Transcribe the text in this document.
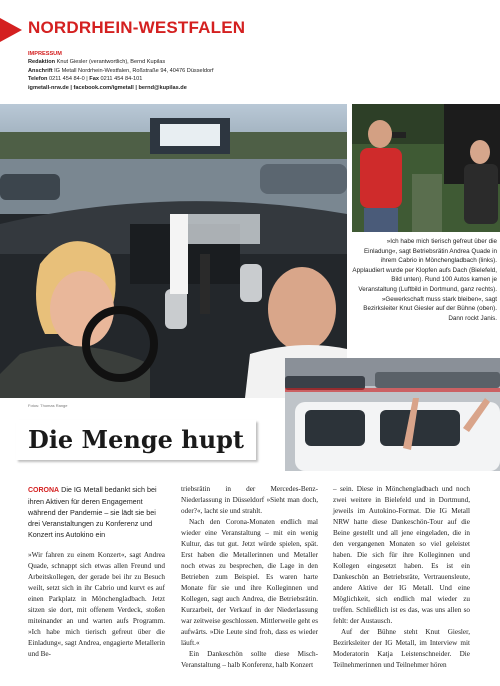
NORDRHEIN-WESTFALEN
IMPRESSUM
Redaktion Knut Giesler (verantwortlich), Bernd Kupilas
Anschrift IG Metall Nordrhein-Westfalen, Roßstraße 94, 40476 Düsseldorf
Telefon 0211 454 84-0 | Fax 0211 454 84-101
igmetall-nrw.de | facebook.com/igmetall | bernd@kupilas.de
Fotos: Thomas Range
»Ich habe mich tierisch gefreut über die Einladung«, sagt Betriebsrätin Andrea Quade in ihrem Cabrio in Mönchengladbach (links). Applaudiert wurde per Klopfen aufs Dach (Bielefeld, Bild unten). Rund 100 Autos kamen je Veranstaltung (Luftbild in Dortmund, ganz rechts). »Gewerkschaft muss stark bleiben«, sagt Bezirksleiter Knut Giesler auf der Bühne (oben). Dann rockt Janis.
Die Menge hupt
CORONA Die IG Metall bedankt sich bei ihren Aktiven für deren Engagement während der Pandemie – sie lädt sie bei drei Veranstaltungen zu Konferenz und Konzert ins Autokino ein
»Wir fahren zu einem Konzert«, sagt Andrea Quade, schnappt sich etwas allen Freund und Arbeitskollegen, der gerade bei ihr zu Besuch weilt, setzt sich in ihr Cabrio und kurvt es auf einen Parkplatz in Mönchengladbach. Jetzt sitzen sie dort, mit offenem Verdeck, stoßen miteinander an und warten aufs Programm. »Ich habe mich tierisch gefreut über die Einladung«, sagt Andrea, engagierte Metallerin und Be-
triebsrätin in der Mercedes-Benz-Niederlassung in Düsseldorf »Sieht man doch, oder?«, lacht sie und strahlt.
Nach den Corona-Monaten endlich mal wieder eine Veranstaltung – mit ein wenig Kultur, das tut gut. Jetzt würde spielen, spät. Erst haben die Metallerinnen und Metaller noch etwas zu besprechen, die Lage in den Betrieben zum Beispiel. Es waren harte Monate für sie und ihre Kolleginnen und Kollegen, sagt auch Andrea, die Betriebsrätin. Kurzarbeit, der Verkauf in der Niederlassung war zeitweise geschlossen. Mittlerweile geht es aufwärts. »Die Leute sind froh, dass es wieder läuft.«
Ein Dankeschön sollte diese Misch-Veranstaltung – halb Konferenz, halb Konzert
– sein. Diese in Mönchengladbach und noch zwei weitere in Bielefeld und in Dortmund, jeweils im Autokino-Format. Die IG Metall NRW hatte diese Dankeschön-Tour auf die Beine gestellt und all jene eingeladen, die in den vergangenen Monaten so viel geleistet haben. Die sich für ihre Kolleginnen und Kollegen eingesetzt haben. Es ist ein Dankeschön an Betriebsräte, Vertrauensleute, andere Aktive der IG Metall. Und eine Möglichkeit, sich endlich mal wieder zu treffen. Schließlich ist es das, was uns allen so fehlt: der Austausch.
Auf der Bühne steht Knut Giesler, Bezirksleiter der IG Metall, im Interview mit Moderatorin Katja Leistenschneider. Die Teilnehmerinnen und Teilnehmer hören
